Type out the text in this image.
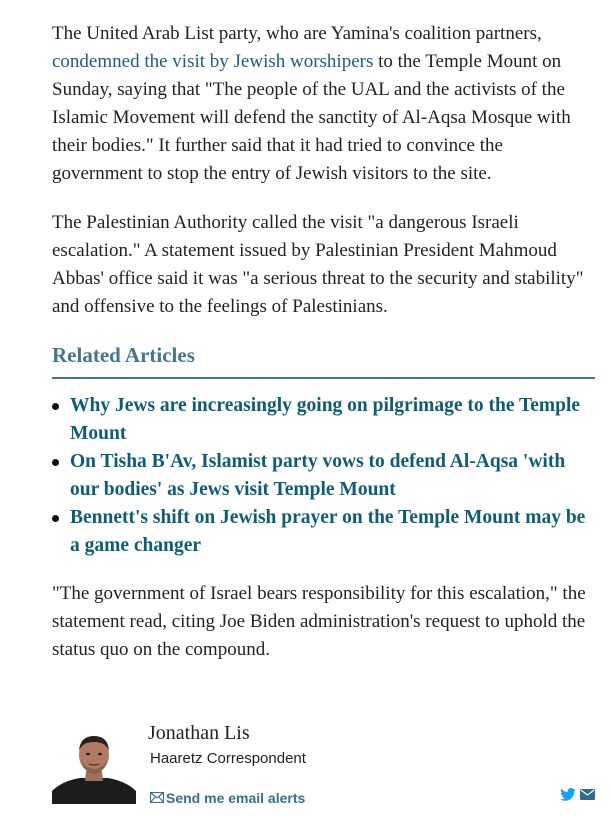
The United Arab List party, who are Yamina's coalition partners, condemned the visit by Jewish worshipers to the Temple Mount on Sunday, saying that "The people of the UAL and the activists of the Islamic Movement will defend the sanctity of Al-Aqsa Mosque with their bodies." It further said that it had tried to convince the government to stop the entry of Jewish visitors to the site.

The Palestinian Authority called the visit "a dangerous Israeli escalation." A statement issued by Palestinian President Mahmoud Abbas' office said it was "a serious threat to the security and stability" and offensive to the feelings of Palestinians.

Related Articles
Why Jews are increasingly going on pilgrimage to the Temple Mount
On Tisha B'Av, Islamist party vows to defend Al-Aqsa 'with our bodies' as Jews visit Temple Mount
Bennett's shift on Jewish prayer on the Temple Mount may be a game changer

"The government of Israel bears responsibility for this escalation," the statement read, citing Joe Biden administration's request to uphold the status quo on the compound.

Jonathan Lis
Haaretz Correspondent
Send me email alerts
